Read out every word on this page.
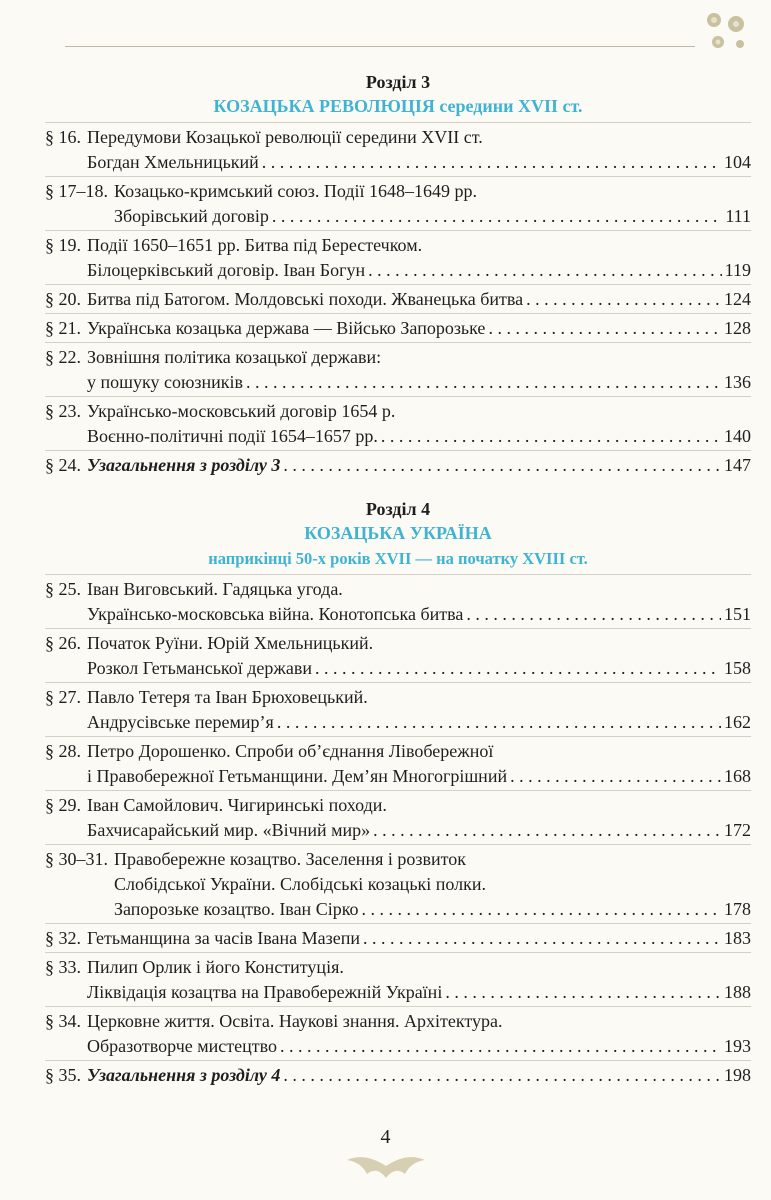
Розділ 3
КОЗАЦЬКА РЕВОЛЮЦІЯ середини XVII ст.
§ 16. Передумови Козацької революції середини XVII ст.
Богдан Хмельницький . . .	104
§ 17–18. Козацько-кримський союз. Події 1648–1649 рр.
Зборівський договір . . .	111
§ 19. Події 1650–1651 рр. Битва під Берестечком.
Білоцерківський договір. Іван Богун . . .	119
§ 20. Битва під Батогом. Молдовські походи. Жванецька битва . . .	124
§ 21. Українська козацька держава — Військо Запорозьке . . .	128
§ 22. Зовнішня політика козацької держави:
у пошуку союзників . . .	136
§ 23. Українсько-московський договір 1654 р.
Воєнно-політичні події 1654–1657 рр. . . .	140
§ 24. Узагальнення з розділу 3 . . .	147
Розділ 4
КОЗАЦЬКА УКРАЇНА
наприкінці 50-х років XVII — на початку XVIII ст.
§ 25. Іван Виговський. Гадяцька угода.
Українсько-московська війна. Конотопська битва . . .	151
§ 26. Початок Руїни. Юрій Хмельницький.
Розкол Гетьманської держави . . .	158
§ 27. Павло Тетеря та Іван Брюховецький.
Андрусівське перемир’я . . .	162
§ 28. Петро Дорошенко. Спроби об’єднання Лівобережної
і Правобережної Гетьманщини. Дем’ян Многогрішний . . .	168
§ 29. Іван Самойлович. Чигиринські походи.
Бахчисарайський мир. «Вічний мир» . . .	172
§ 30–31. Правобережне козацтво. Заселення і розвиток
Слобідської України. Слобідські козацькі полки.
Запорозьке козацтво. Іван Сірко . . .	178
§ 32. Гетьманщина за часів Івана Мазепи . . .	183
§ 33. Пилип Орлик і його Конституція.
Ліквідація козацтва на Правобережній Україні . . .	188
§ 34. Церковне життя. Освіта. Наукові знання. Архітектура.
Образотворче мистецтво . . .	193
§ 35. Узагальнення з розділу 4 . . .	198
4
